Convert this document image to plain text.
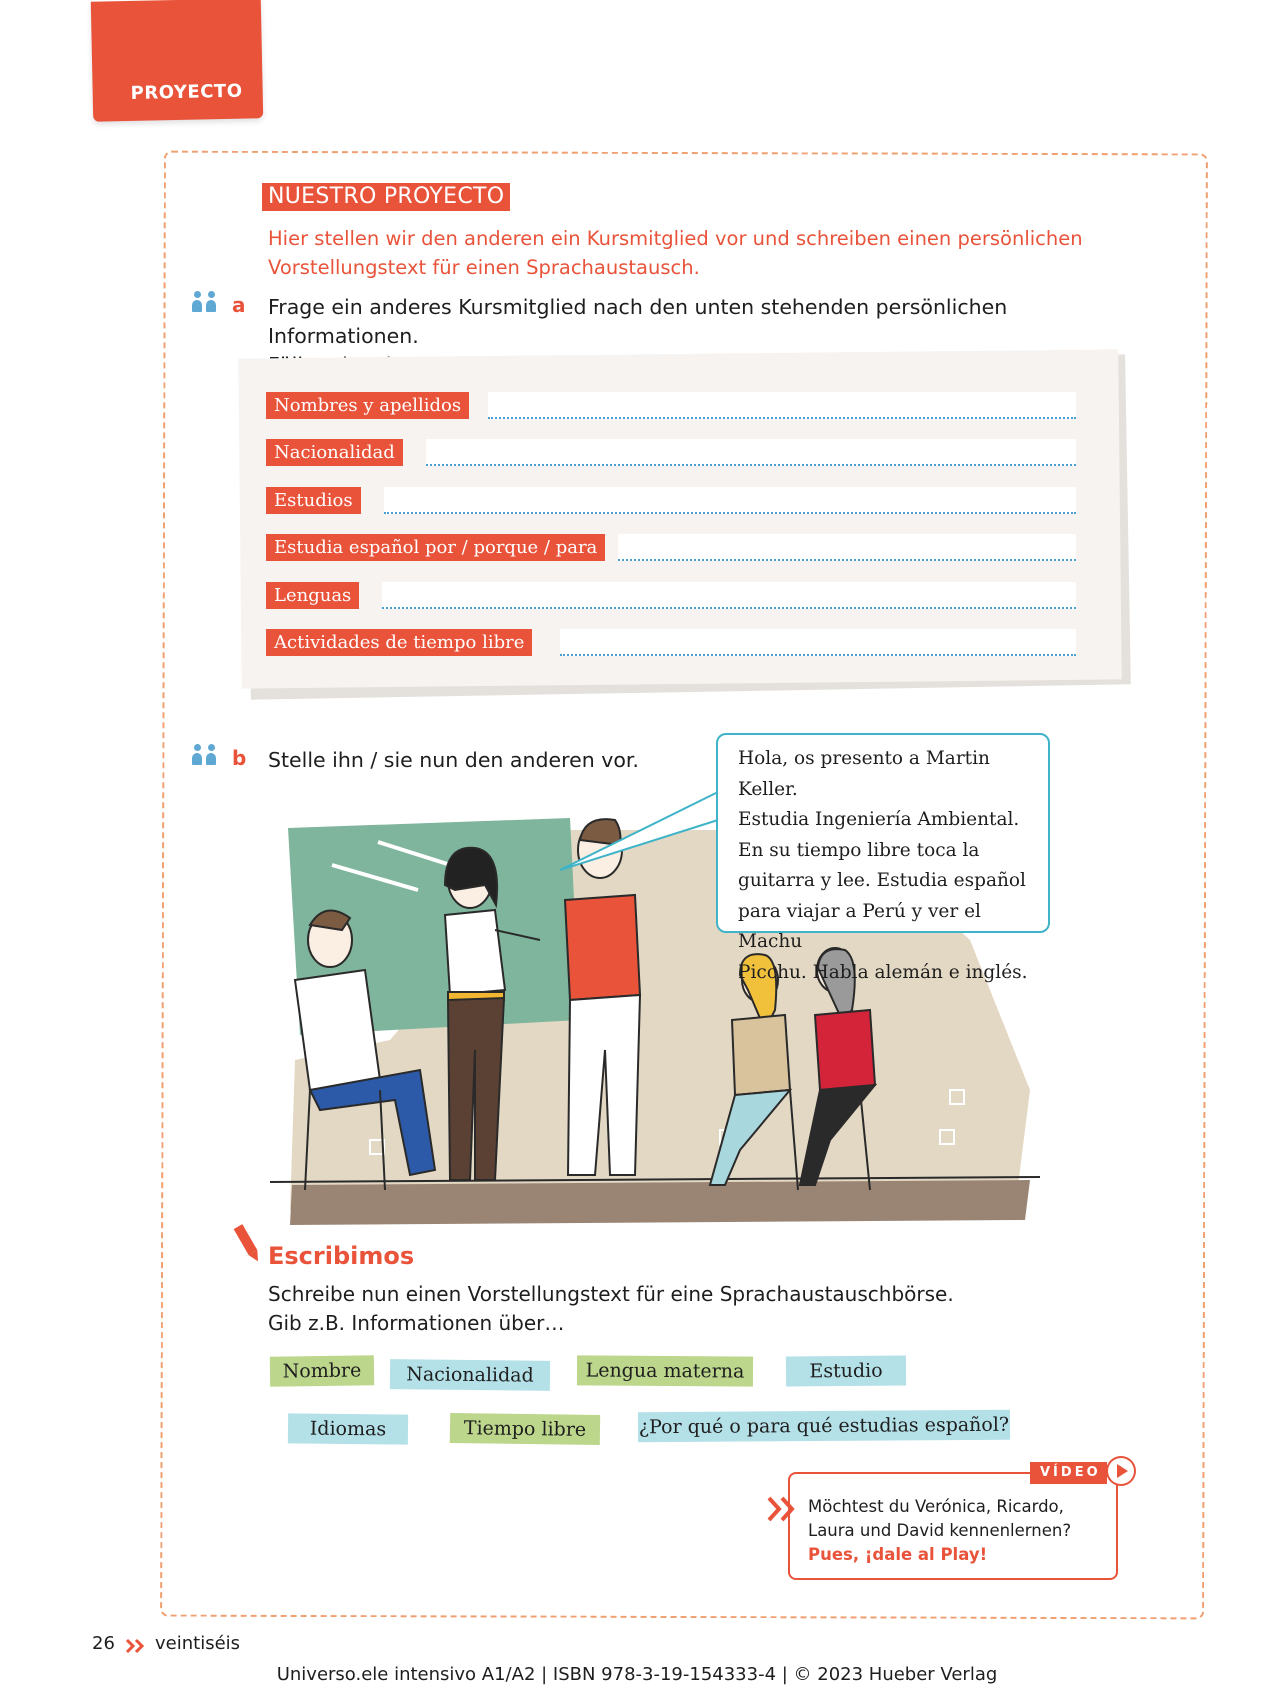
PROYECTO
NUESTRO PROYECTO
Hier stellen wir den anderen ein Kursmitglied vor und schreiben einen persönlichen
Vorstellungstext für einen Sprachaustausch.
a Frage ein anderes Kursmitglied nach den unten stehenden persönlichen Informationen.
Nombres y apellidos
Nacionalidad
Estudios
Estudia español por / porque / para
Lenguas
Actividades de tiempo libre
b Stelle ihn / sie nun den anderen vor.	Hola, os presento a Martin Keller.
Estudia Ingeniería Ambiental.
En su tiempo libre toca la
guitarra y lee. Estudia español
para viajar a Perú y ver el Machu
Picchu. Habla alemán e inglés.
Escribimos
Schreibe nun einen Vorstellungstext für eine Sprachaustauschbörse.
Gib z.B. Informationen über…
Nombre	Nacionalidad	Lengua materna	Estudio
Idiomas	Tiempo libre	¿Por qué o para qué estudias español?
VÍDEO
Möchtest du Verónica, Ricardo,
Laura und David kennenlernen?
Pues, ¡dale al Play!
26 veintiséis
Universo.ele intensivo A1/A2 | ISBN 978-3-19-154333-4 | © 2023 Hueber Verlag
